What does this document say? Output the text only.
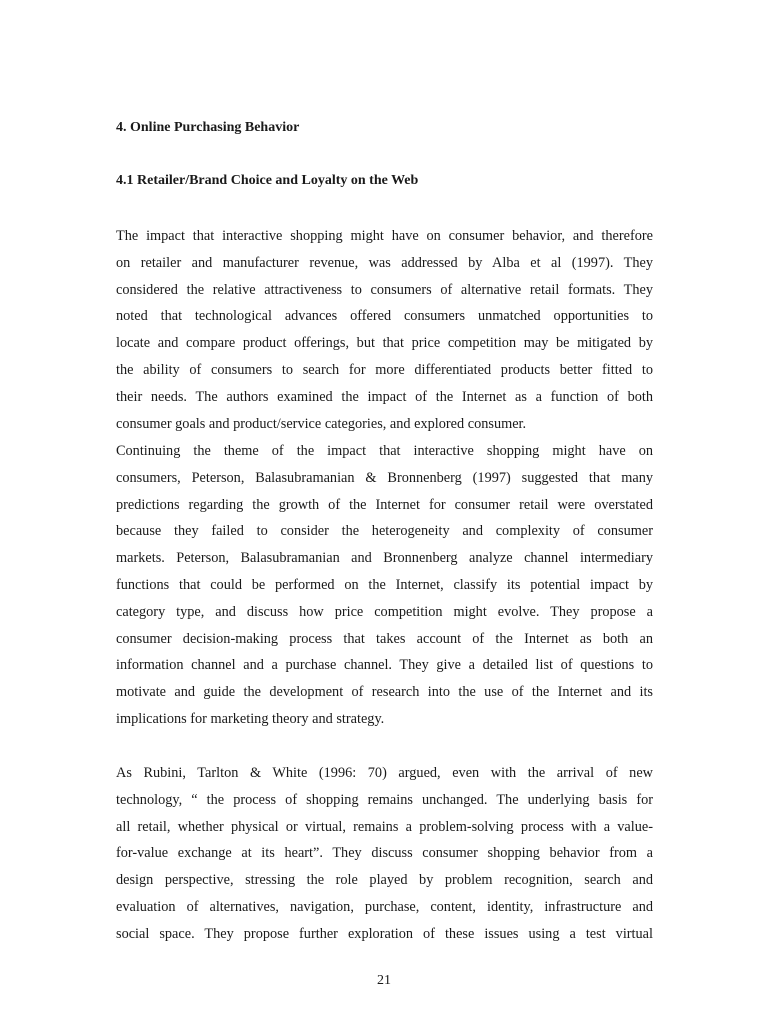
4. Online Purchasing Behavior
4.1 Retailer/Brand Choice and Loyalty on the Web
The impact that interactive shopping might have on consumer behavior, and therefore
on retailer and manufacturer revenue, was addressed by Alba et al (1997). They
considered the relative attractiveness to consumers of alternative retail formats. They
noted that technological advances offered consumers unmatched opportunities to
locate and compare product offerings, but that price competition may be mitigated by
the ability of consumers to search for more differentiated products better fitted to
their needs. The authors examined the impact of the Internet as a function of both
consumer goals and product/service categories, and explored consumer.
Continuing the theme of the impact that interactive shopping might have on
consumers, Peterson, Balasubramanian & Bronnenberg (1997) suggested that many
predictions regarding the growth of the Internet for consumer retail were overstated
because they failed to consider the heterogeneity and complexity of consumer
markets. Peterson, Balasubramanian and Bronnenberg analyze channel intermediary
functions that could be performed on the Internet, classify its potential impact by
category type, and discuss how price competition might evolve. They propose a
consumer decision-making process that takes account of the Internet as both an
information channel and a purchase channel. They give a detailed list of questions to
motivate and guide the development of research into the use of the Internet and its
implications for marketing theory and strategy.
As Rubini, Tarlton & White (1996: 70) argued, even with the arrival of new
technology, “ the process of shopping remains unchanged. The underlying basis for
all retail, whether physical or virtual, remains a problem-solving process with a value-
for-value exchange at its heart”. They discuss consumer shopping behavior from a
design perspective, stressing the role played by problem recognition, search and
evaluation of alternatives, navigation, purchase, content, identity, infrastructure and
social space. They propose further exploration of these issues using a test virtual

21
